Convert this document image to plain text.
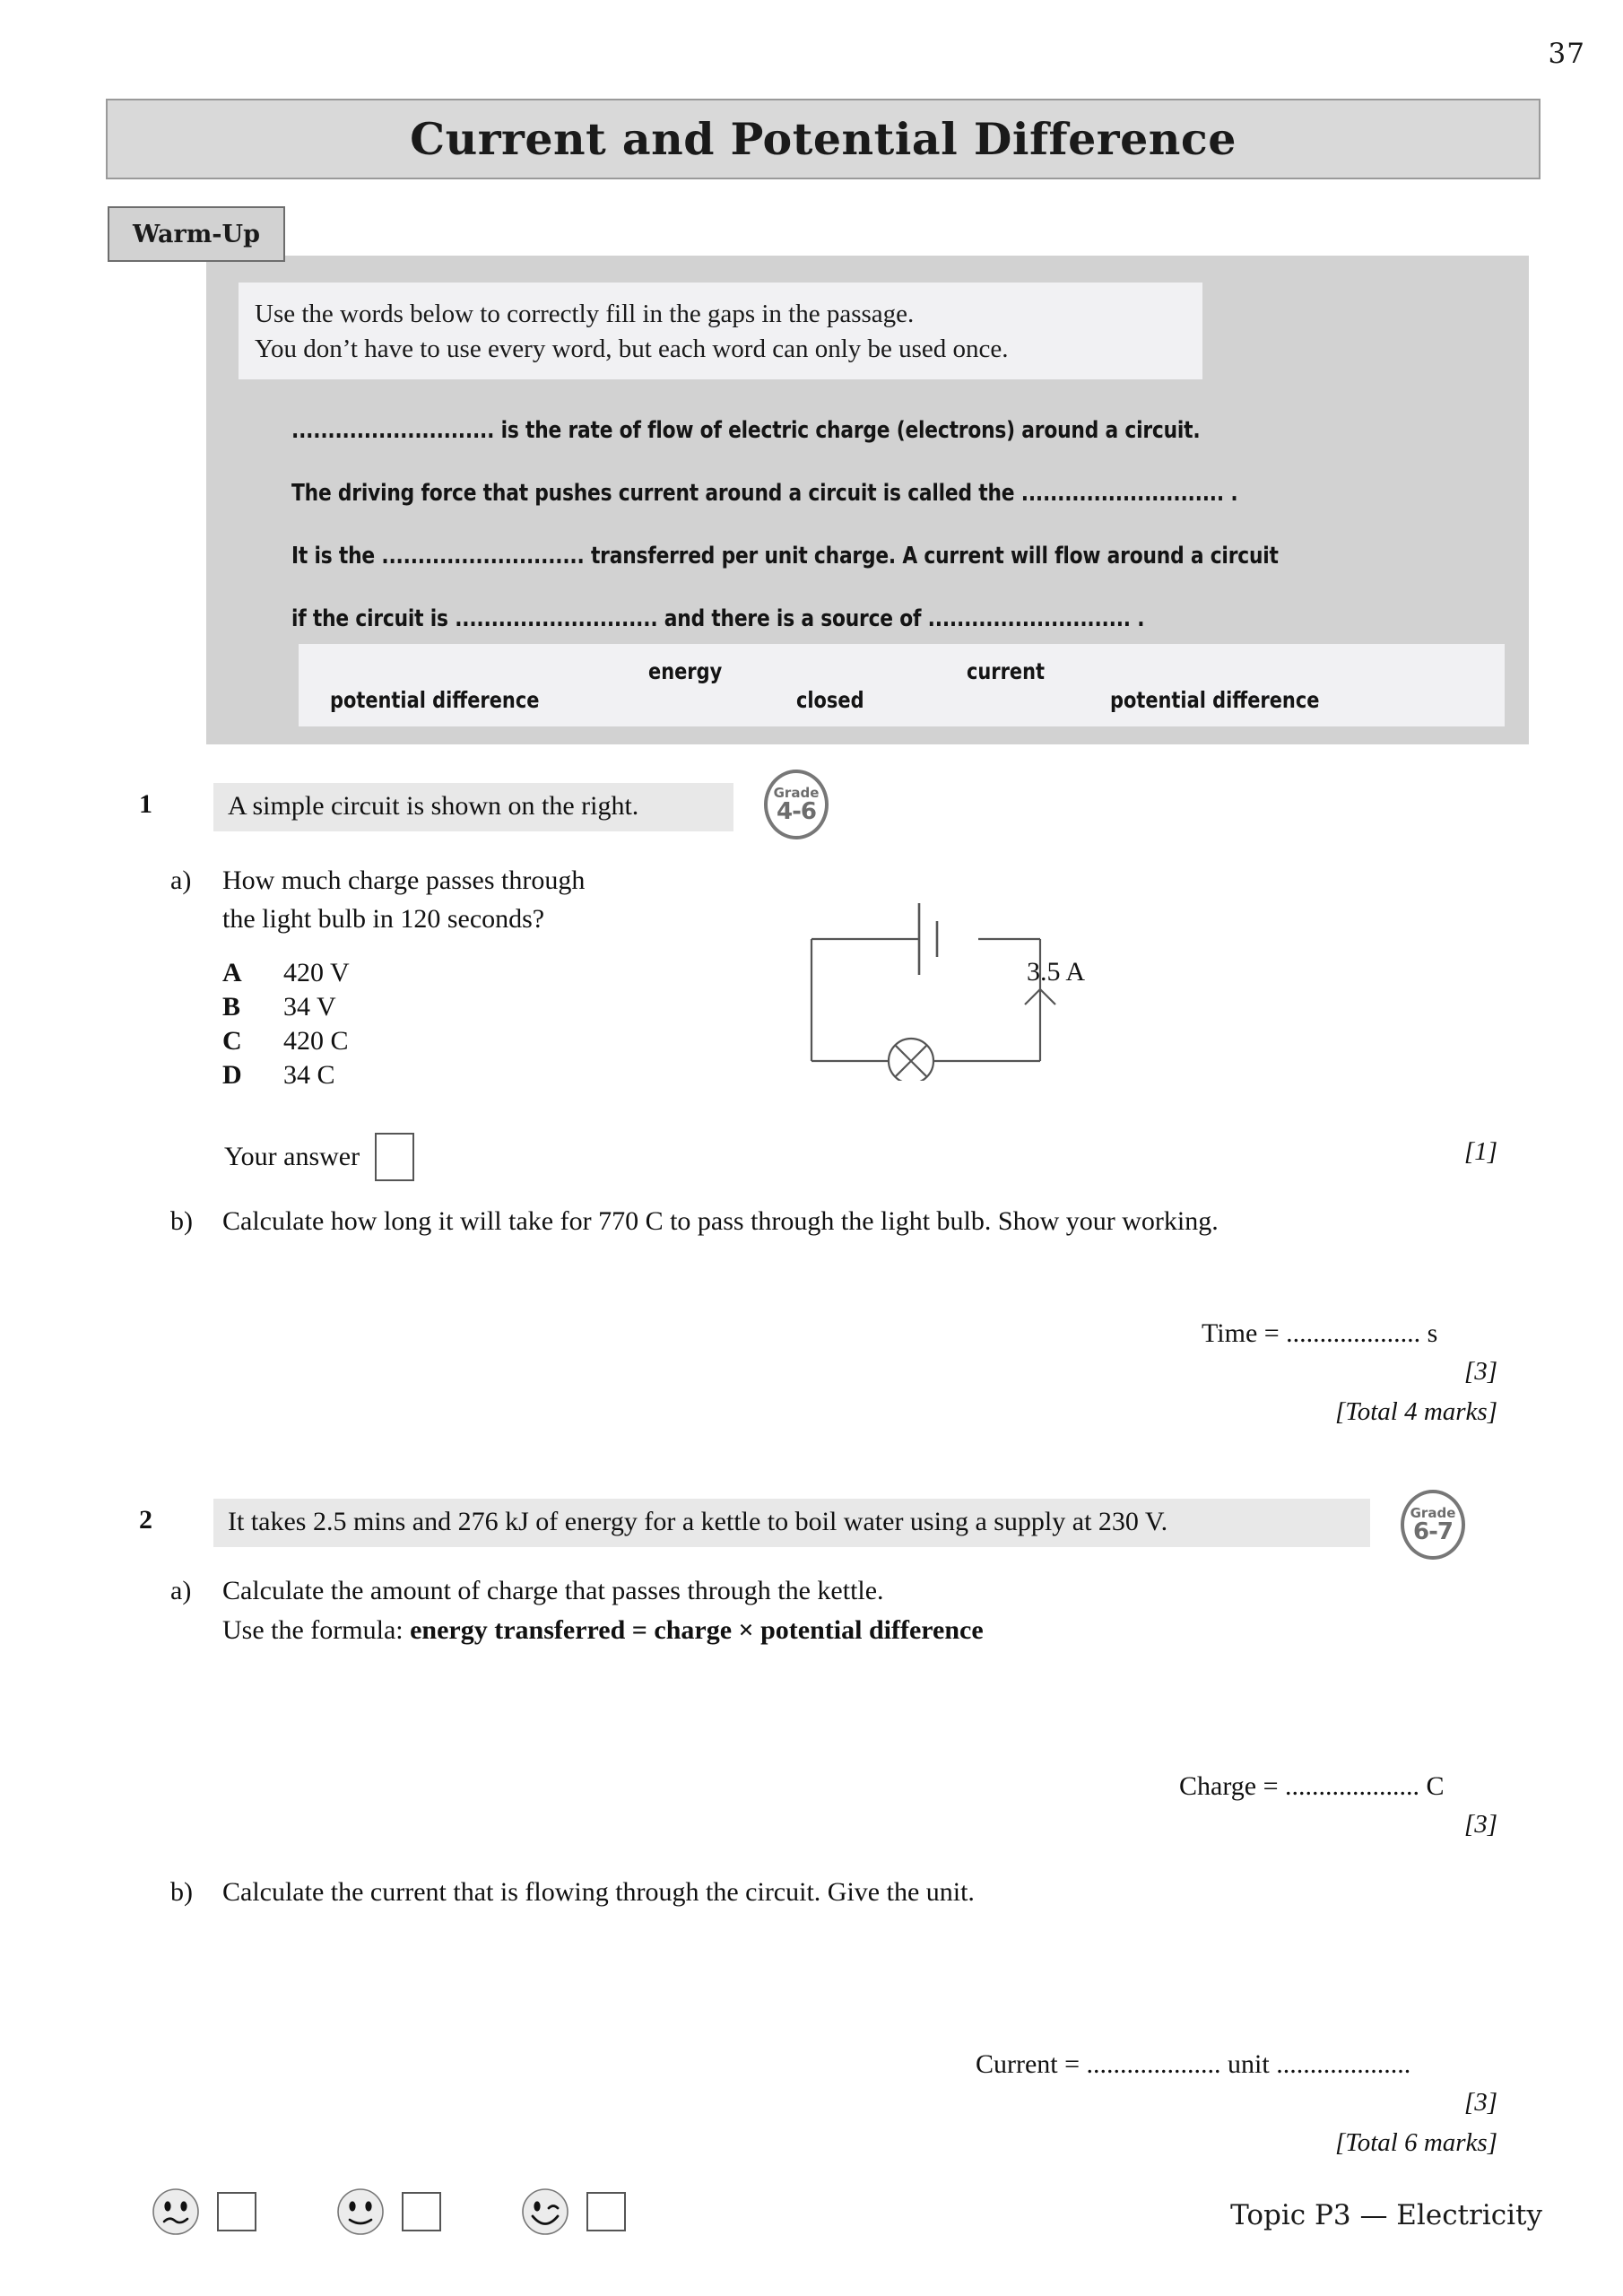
37
Current and Potential Difference
Warm-Up
Use the words below to correctly fill in the gaps in the passage.
You don’t have to use every word, but each word can only be used once.
............................ is the rate of flow of electric charge (electrons) around a circuit.
The driving force that pushes current around a circuit is called the ............................ .
It is the ............................ transferred per unit charge. A current will flow around a circuit
if the circuit is ............................ and there is a source of ............................ .
potential difference
energy
closed
current
potential difference
1	A simple circuit is shown on the right.	Grade
4-6
a) How much charge passes through
the light bulb in 120 seconds?
A	420 V
B	34 V
C	420 C
D	34 C
3.5 A
Your answer	[1]
b) Calculate how long it will take for 770 C to pass through the light bulb. Show your working.
Time = .................... s
[3]
[Total 4 marks]
2	It takes 2.5 mins and 276 kJ of energy for a kettle to boil water using a supply at 230 V.	Grade
6-7
a) Calculate the amount of charge that passes through the kettle.
Use the formula: energy transferred = charge × potential difference
Charge = .................... C
[3]
b) Calculate the current that is flowing through the circuit. Give the unit.
Current = .................... unit ....................
[3]
[Total 6 marks]
Topic P3 — Electricity
